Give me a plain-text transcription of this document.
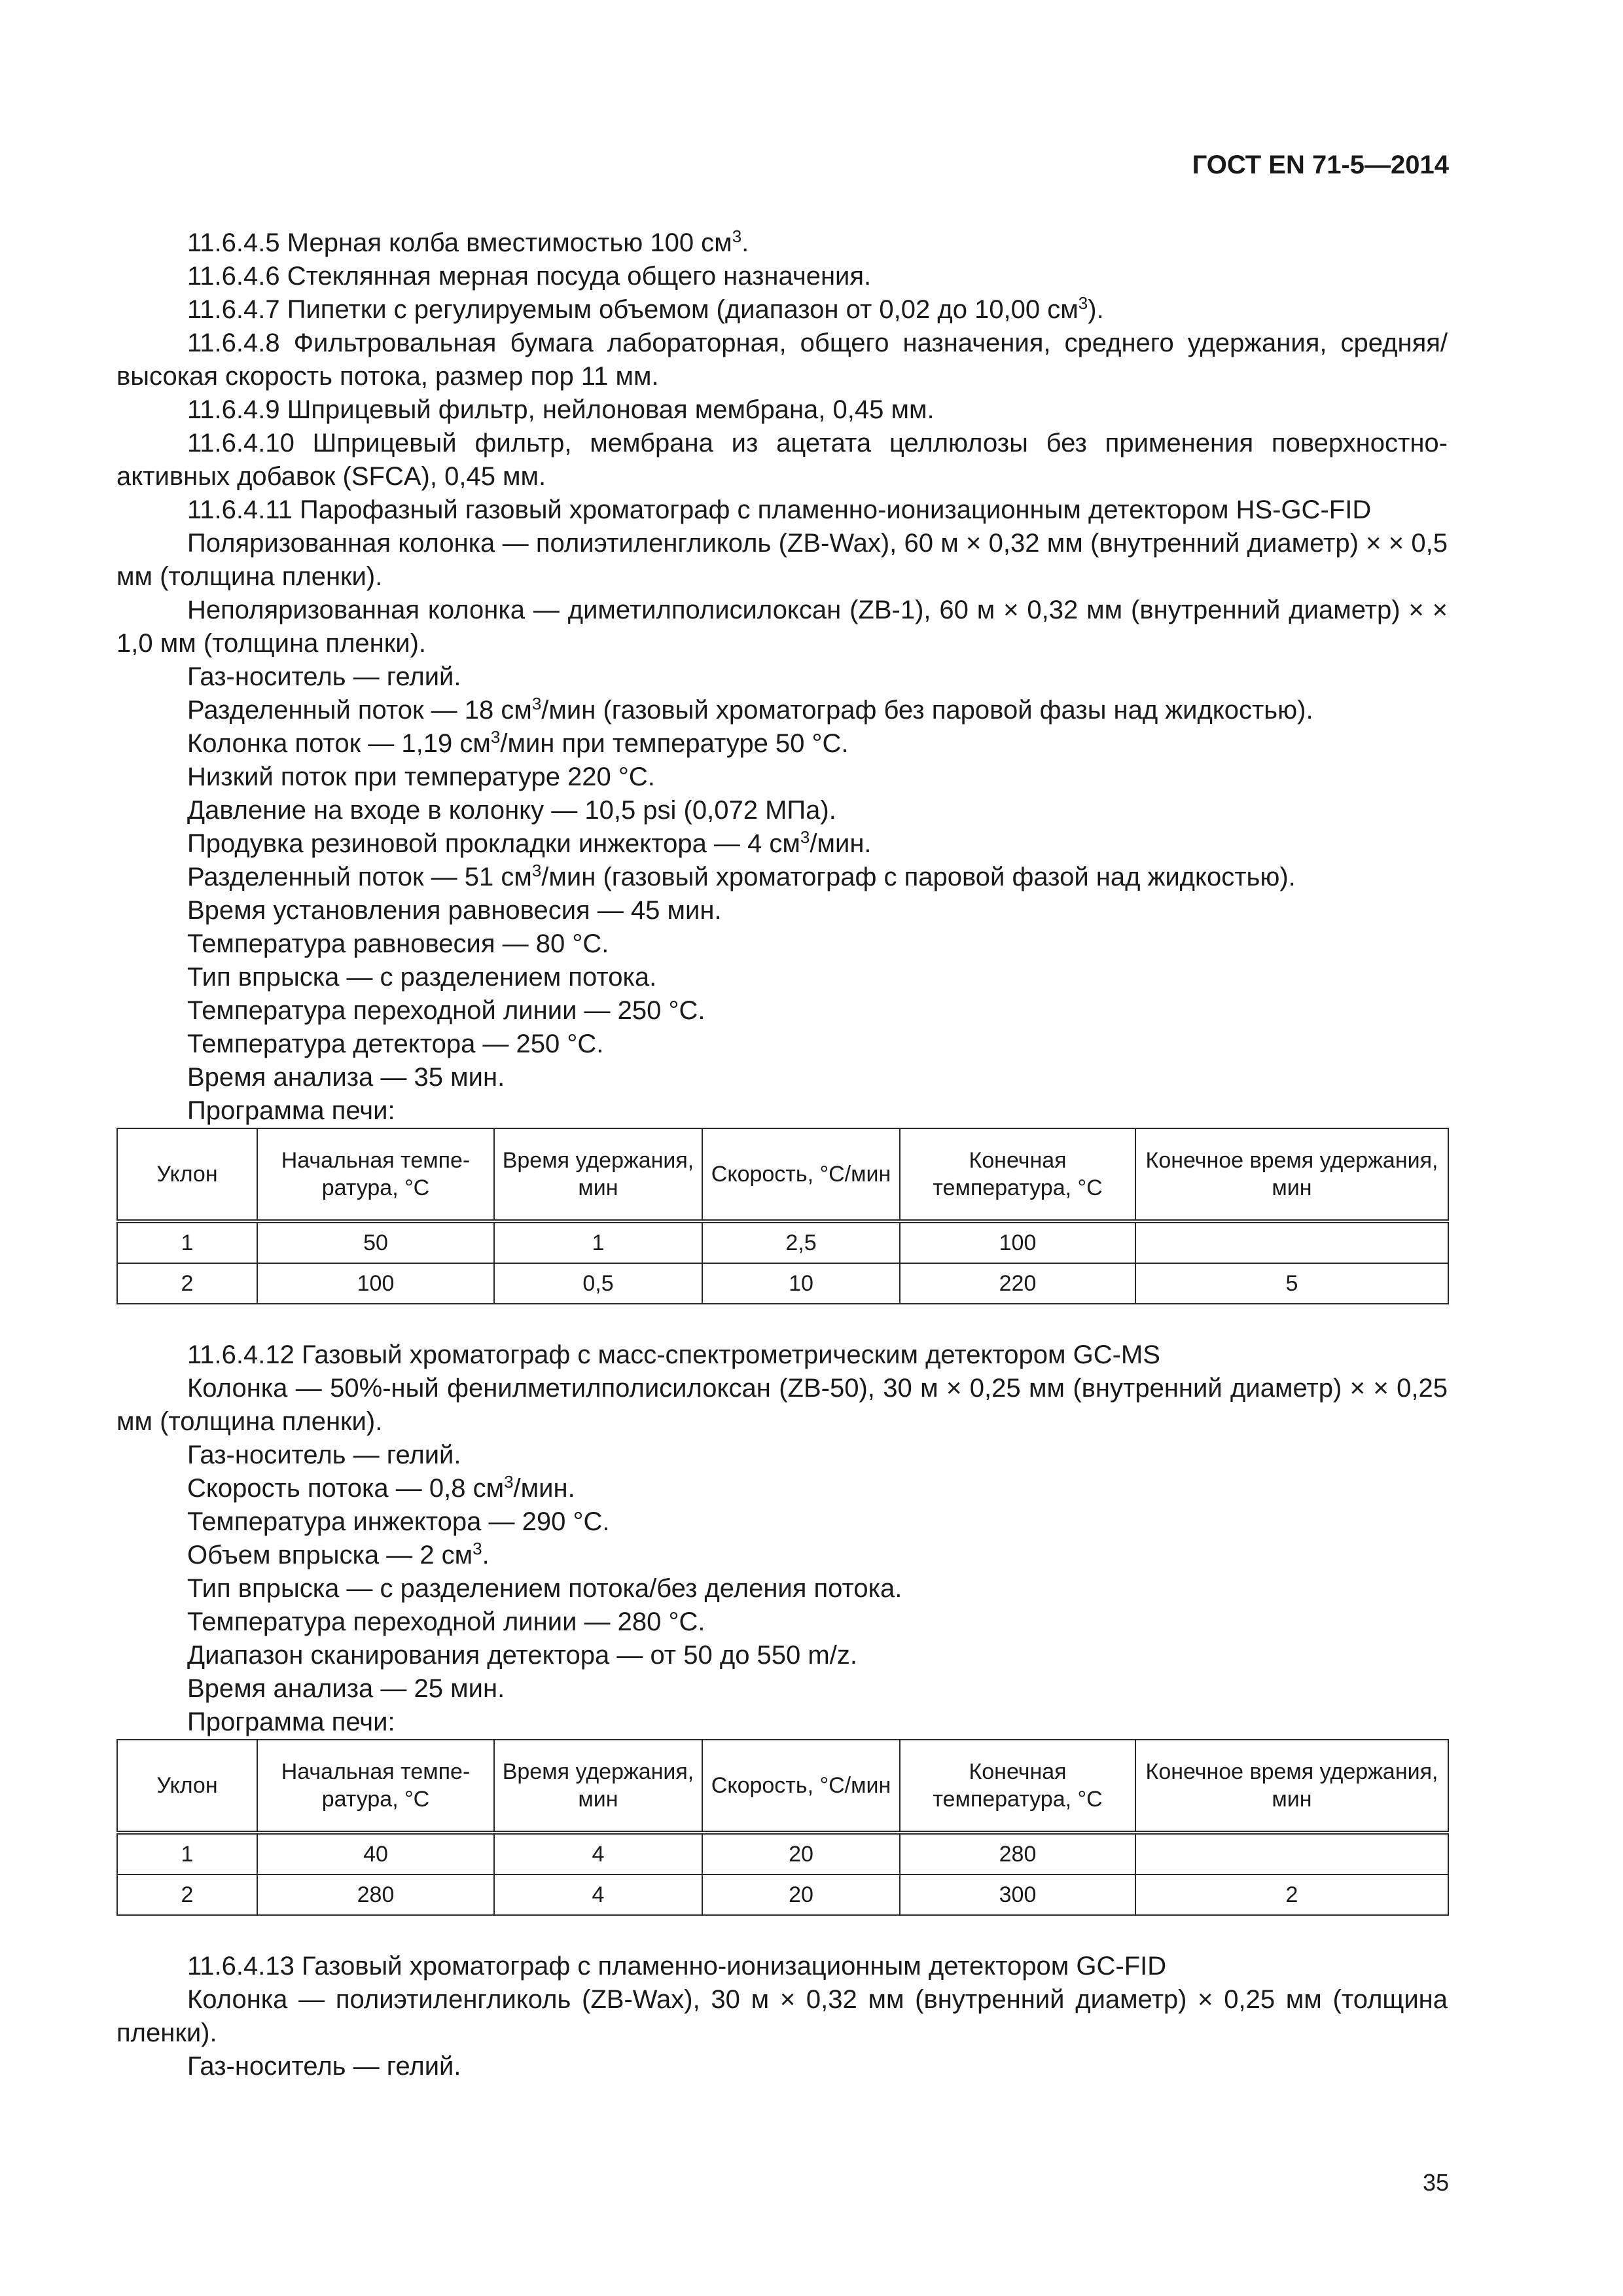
ГОСТ EN 71-5—2014

11.6.4.5 Мерная колба вместимостью 100 $см^3$.

11.6.4.6 Стеклянная мерная посуда общего назначения.

11.6.4.7 Пипетки с регулируемым объемом (диапазон от 0,02 до 10,00 $см^3$).

11.6.4.8 Фильтровальная бумага лабораторная, общего назначения, среднего удержания, средняя/ высокая скорость потока, размер пор 11 мм.

11.6.4.9 Шприцевый фильтр, нейлоновая мембрана, 0,45 мм.

11.6.4.10 Шприцевый фильтр, мембрана из ацетата целлюлозы без применения поверхностно-активных добавок (SFCA), 0,45 мм.

11.6.4.11 Парофазный газовый хроматограф с пламенно-ионизационным детектором HS-GC-FID

Поляризованная колонка — полиэтиленгликоль (ZB-Wax), 60 м × 0,32 мм (внутренний диаметр) × × 0,5 мм (толщина пленки).

Неполяризованная колонка — диметилполисилоксан (ZB-1), 60 м × 0,32 мм (внутренний диаметр) × × 1,0 мм (толщина пленки).

Газ-носитель — гелий.

Разделенный поток — 18 $см^3$/мин (газовый хроматограф без паровой фазы над жидкостью).

Колонка поток — 1,19 $см^3$/мин при температуре 50 °С.

Низкий поток при температуре 220 °С.

Давление на входе в колонку — 10,5 psi (0,072 МПа).

Продувка резиновой прокладки инжектора — 4 $см^3$/мин.

Разделенный поток — 51 $см^3$/мин (газовый хроматограф с паровой фазой над жидкостью).

Время установления равновесия — 45 мин.

Температура равновесия — 80 °С.

Тип впрыска — с разделением потока.

Температура переходной линии — 250 °С.

Температура детектора — 250 °С.

Время анализа — 35 мин.

Программа печи:

Уклон	Начальная темпе-ратура, °С	Время удержания, мин	Скорость, °С/мин	Конечная температура, °С	Конечное время удержания, мин
1	50	1	2,5	100	
2	100	0,5	10	220	5

11.6.4.12 Газовый хроматограф с масс-спектрометрическим детектором GC-MS

Колонка — 50%-ный фенилметилполисилоксан (ZB-50), 30 м × 0,25 мм (внутренний диаметр) × × 0,25 мм (толщина пленки).

Газ-носитель — гелий.

Скорость потока — 0,8 $см^3$/мин.

Температура инжектора — 290 °С.

Объем впрыска — 2 $см^3$.

Тип впрыска — с разделением потока/без деления потока.

Температура переходной линии — 280 °С.

Диапазон сканирования детектора — от 50 до 550 m/z.

Время анализа — 25 мин.

Программа печи:

Уклон	Начальная темпе-ратура, °С	Время удержания, мин	Скорость, °С/мин	Конечная температура, °С	Конечное время удержания, мин
1	40	4	20	280	
2	280	4	20	300	2

11.6.4.13 Газовый хроматограф с пламенно-ионизационным детектором GC-FID

Колонка — полиэтиленгликоль (ZB-Wax), 30 м × 0,32 мм (внутренний диаметр) × 0,25 мм (толщина пленки).

Газ-носитель — гелий.

35
